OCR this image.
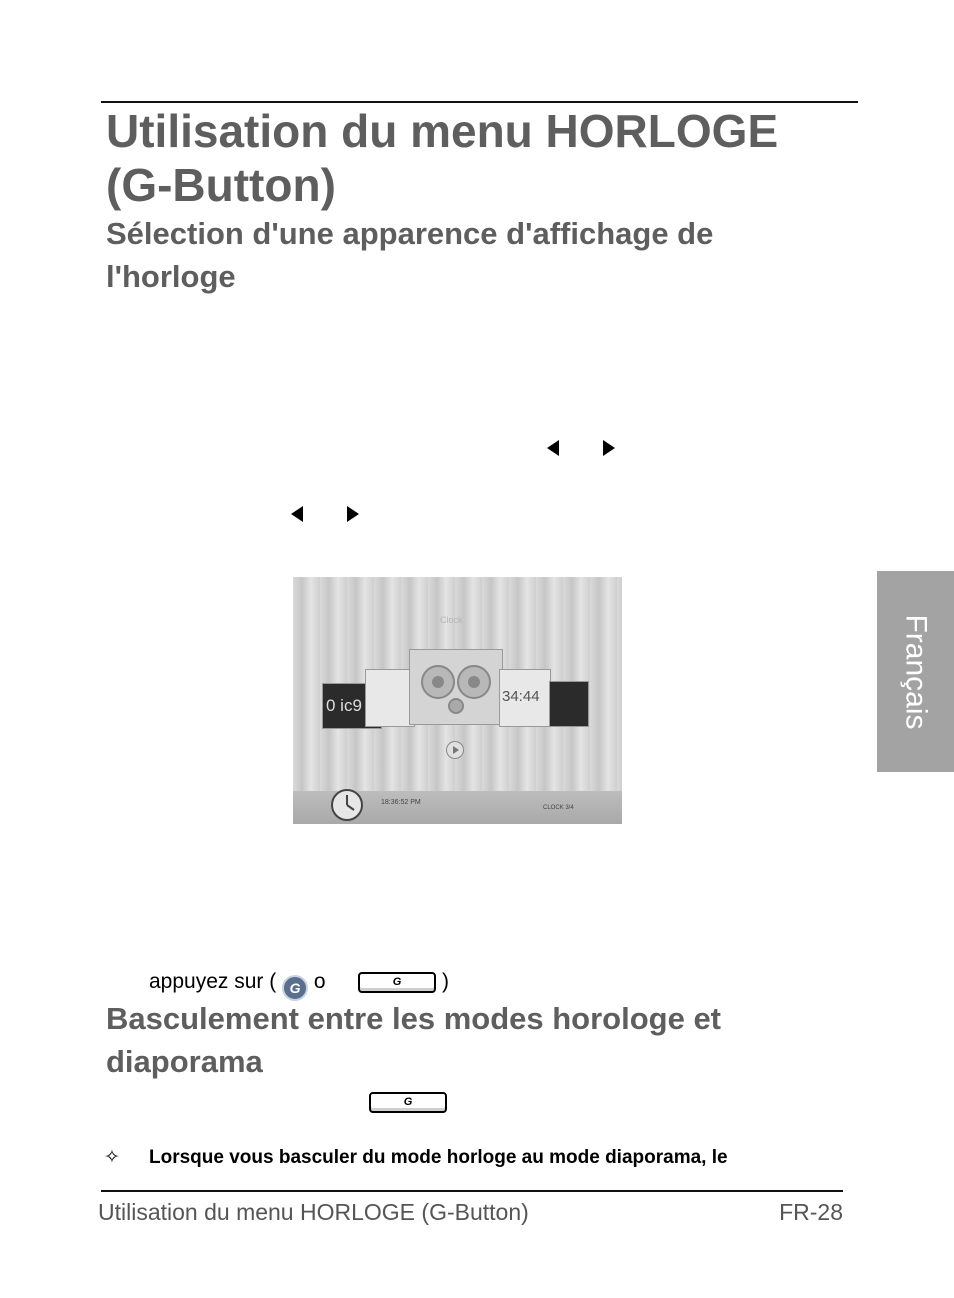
Utilisation du menu HORLOGE (G-Button)
Sélection d'une apparence d'affichage de l'horloge
Français
Clock
0 ic9	34:44
18:36:52 PM
CLOCK 3/4
appuyez sur ( G o	G	)
Basculement entre les modes horologe et diaporama
G
✧ Lorsque vous basculer du mode horloge au mode diaporama, le
Utilisation du menu HORLOGE (G-Button)	FR-28
